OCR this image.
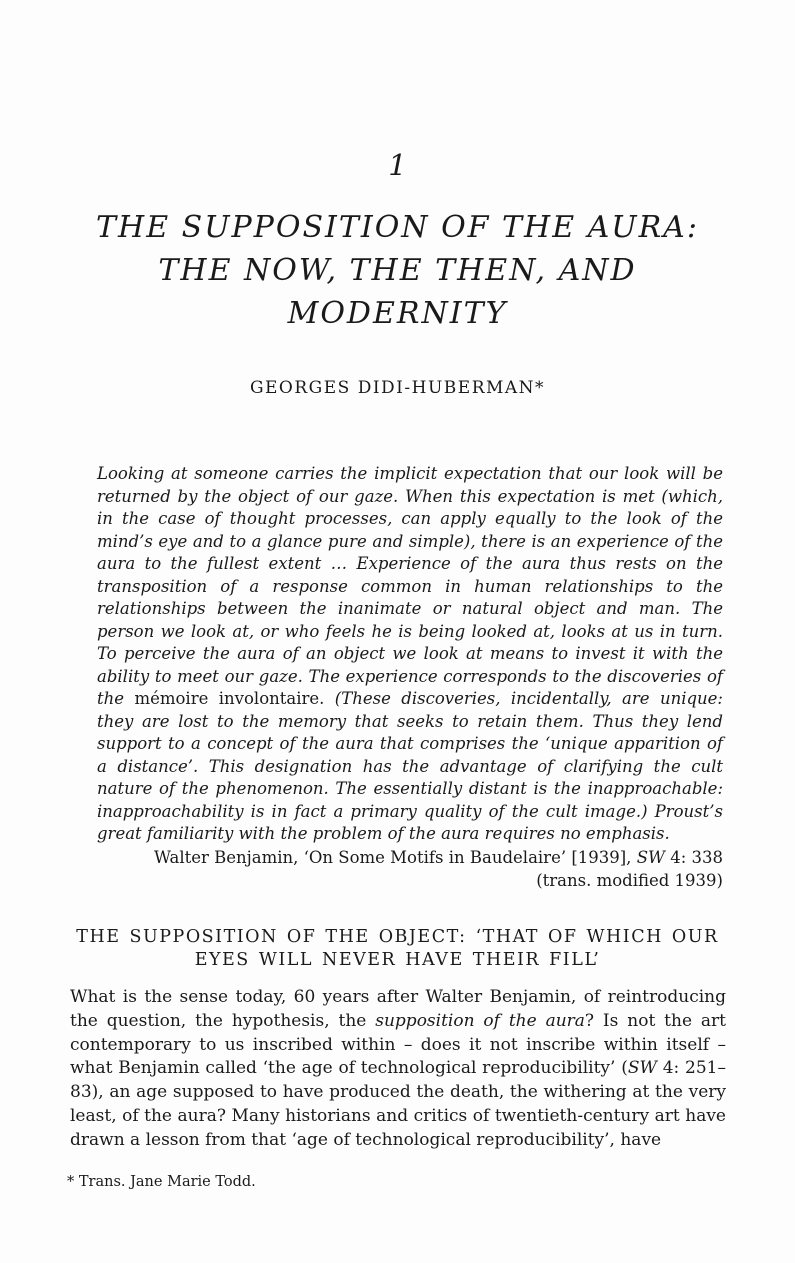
1
THE SUPPOSITION OF THE AURA:
THE NOW, THE THEN, AND
MODERNITY
GEORGES DIDI-HUBERMAN*

Looking at someone carries the implicit expectation that our look will be returned by the object of our gaze. When this expectation is met (which, in the case of thought processes, can apply equally to the look of the mind’s eye and to a glance pure and simple), there is an experience of the aura to the fullest extent … Experience of the aura thus rests on the transposition of a response common in human relationships to the relationships between the inanimate or natural object and man. The person we look at, or who feels he is being looked at, looks at us in turn. To perceive the aura of an object we look at means to invest it with the ability to meet our gaze. The experience corresponds to the discoveries of the mémoire involontaire. (These discoveries, incidentally, are unique: they are lost to the memory that seeks to retain them. Thus they lend support to a concept of the aura that comprises the ‘unique apparition of a distance’. This designation has the advantage of clarifying the cult nature of the phenomenon. The essentially distant is the inapproachable: inapproachability is in fact a primary quality of the cult image.) Proust’s great familiarity with the problem of the aura requires no emphasis.

Walter Benjamin, ‘On Some Motifs in Baudelaire’ [1939], SW 4: 338

(trans. modified 1939)

THE SUPPOSITION OF THE OBJECT: ‘THAT OF WHICH OUR
EYES WILL NEVER HAVE THEIR FILL’

What is the sense today, 60 years after Walter Benjamin, of reintroducing the question, the hypothesis, the supposition of the aura? Is not the art contemporary to us inscribed within – does it not inscribe within itself – what Benjamin called ‘the age of technological reproducibility’ (SW 4: 251–83), an age supposed to have produced the death, the withering at the very least, of the aura? Many historians and critics of twentieth-century art have drawn a lesson from that ‘age of technological reproducibility’, have

* Trans. Jane Marie Todd.
